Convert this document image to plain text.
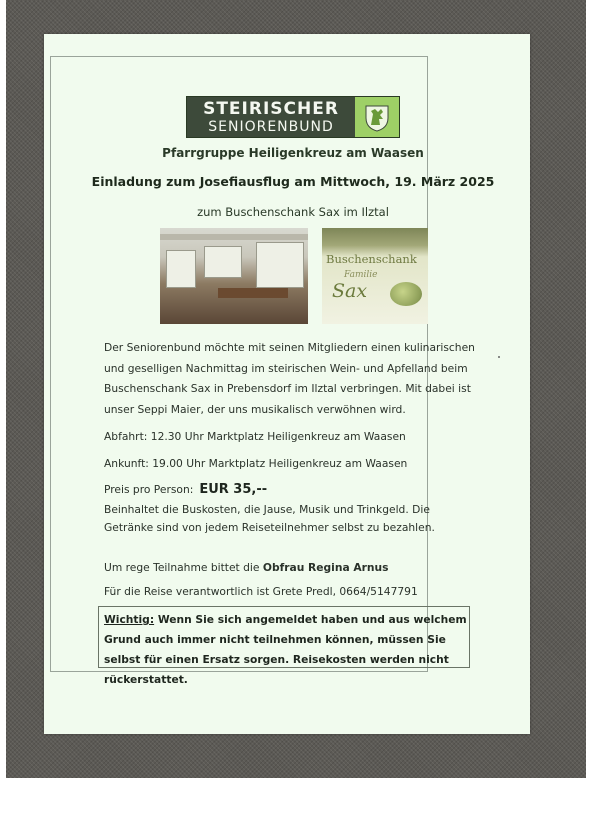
STEIRISCHER
SENIORENBUND
Pfarrgruppe Heiligenkreuz am Waasen
Einladung zum Josefiausflug am Mittwoch, 19. März 2025
zum Buschenschank Sax im Ilztal
Buschenschank
Familie
Sax
Der Seniorenbund möchte mit seinen Mitgliedern einen kulinarischen
und geselligen Nachmittag im steirischen Wein- und Apfelland beim
Buschenschank Sax in Prebensdorf im Ilztal verbringen. Mit dabei ist
unser Seppi Maier, der uns musikalisch verwöhnen wird.
Abfahrt: 12.30 Uhr Marktplatz Heiligenkreuz am Waasen
Ankunft: 19.00 Uhr Marktplatz Heiligenkreuz am Waasen
Preis pro Person: EUR 35,--
Beinhaltet die Buskosten, die Jause, Musik und Trinkgeld. Die
Getränke sind von jedem Reiseteilnehmer selbst zu bezahlen.
Um rege Teilnahme bittet die Obfrau Regina Arnus
Für die Reise verantwortlich ist Grete Predl, 0664/5147791
Wichtig: Wenn Sie sich angemeldet haben und aus welchem Grund auch immer nicht teilnehmen können, müssen Sie selbst für einen Ersatz sorgen. Reisekosten werden nicht rückerstattet.
